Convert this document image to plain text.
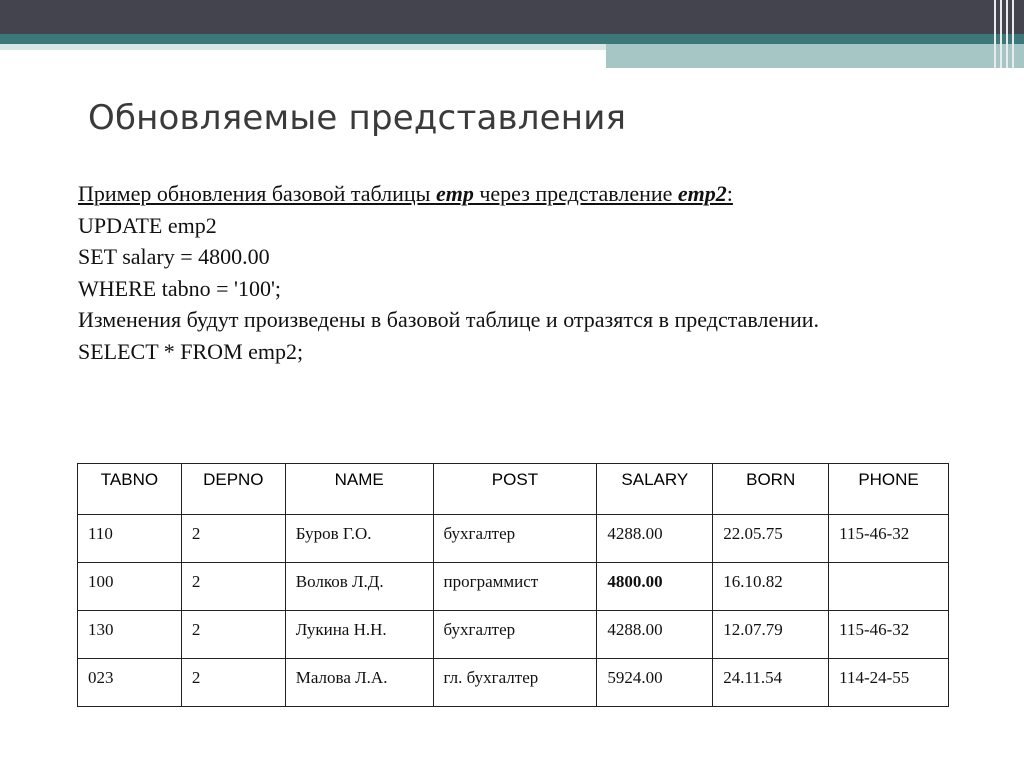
Обновляемые представления
Пример обновления базовой таблицы emp через представление emp2:
UPDATE emp2
SET salary = 4800.00
WHERE tabno = '100';
Изменения будут произведены в базовой таблице и отразятся в представлении.
SELECT * FROM emp2;
TABNO	DEPNO	NAME	POST	SALARY	BORN	PHONE
110	2	Буров Г.О.	бухгалтер	4288.00	22.05.75	115-46-32
100	2	Волков Л.Д.	программист	4800.00	16.10.82	
130	2	Лукина Н.Н.	бухгалтер	4288.00	12.07.79	115-46-32
023	2	Малова Л.А.	гл. бухгалтер	5924.00	24.11.54	114-24-55
